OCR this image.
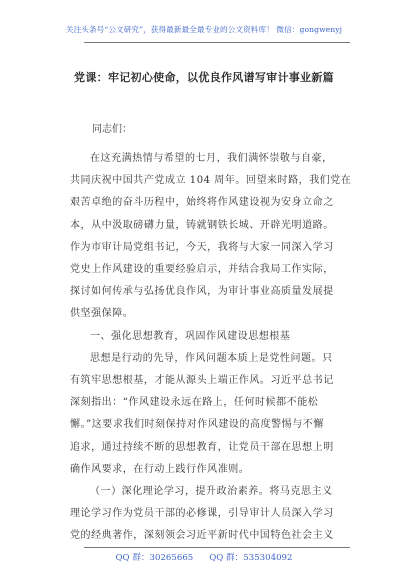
关注头条号“公文研究”，获得最新最全最专业的公文资料库！ 微信：gongwenyj
党课：牢记初心使命，以优良作风谱写审计事业新篇
同志们：
在这充满热情与希望的七月，我们满怀崇敬与自豪，
共同庆祝中国共产党成立 104 周年。回望来时路，我们党在
艰苦卓绝的奋斗历程中，始终将作风建设视为安身立命之
本，从中汲取磅礴力量，铸就钢铁长城、开辟光明道路。
作为市审计局党组书记，今天，我将与大家一同深入学习
党史上作风建设的重要经验启示，并结合我局工作实际，
探讨如何传承与弘扬优良作风，为审计事业高质量发展提
供坚强保障。
一、强化思想教育，巩固作风建设思想根基
思想是行动的先导，作风问题本质上是党性问题。只
有筑牢思想根基，才能从源头上端正作风。习近平总书记
深刻指出：“作风建设永远在路上，任何时候都不能松
懈。”这要求我们时刻保持对作风建设的高度警惕与不懈
追求，通过持续不断的思想教育，让党员干部在思想上明
确作风要求，在行动上践行作风准则。
（一）深化理论学习，提升政治素养。将马克思主义
理论学习作为党员干部的必修课，引导审计人员深入学习
党的经典著作，深刻领会习近平新时代中国特色社会主义
QQ 群：30265665 QQ 群：535304092
